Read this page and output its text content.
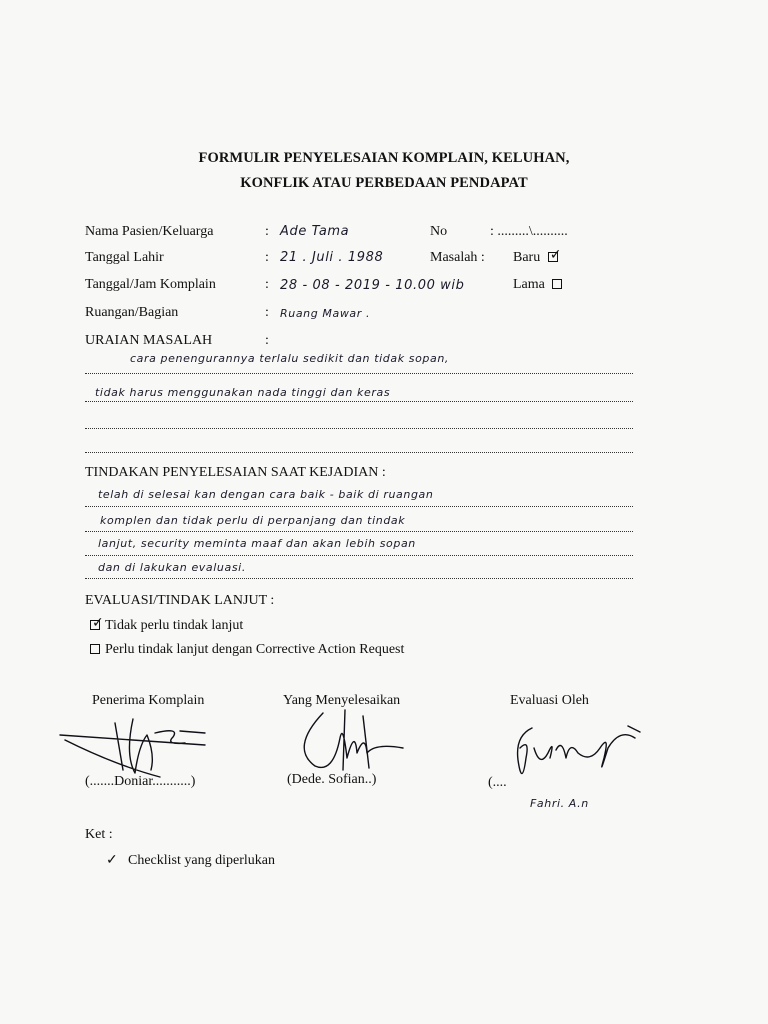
FORMULIR PENYELESAIAN KOMPLAIN, KELUHAN,
KONFLIK ATAU PERBEDAAN PENDAPAT
Nama Pasien/Keluarga	: Ade Tama	No	: .........\..........
Tanggal Lahir	: 21 . Juli . 1988	Masalah : Baru ✓
Tanggal/Jam Komplain	: 28 - 08 - 2019 - 10.00 wib	Lama
Ruangan/Bagian	: Ruang Mawar .
URAIAN MASALAH	:
cara penengurannya terlalu sedikit dan tidak sopan,
tidak harus menggunakan nada tinggi dan keras
TINDAKAN PENYELESAIAN SAAT KEJADIAN :
telah di selesai kan dengan cara baik - baik di ruangan
komplen dan tidak perlu di perpanjang dan tindak
lanjut, security meminta maaf dan akan lebih sopan
dan di lakukan evaluasi.
EVALUASI/TINDAK LANJUT :
✓ Tidak perlu tindak lanjut
Perlu tindak lanjut dengan Corrective Action Request
Penerima Komplain	Yang Menyelesaikan	Evaluasi Oleh
(.......Doniar...........)	(Dede. Sofian..)	(....
Fahri. A.n
Ket :
✓ Checklist yang diperlukan
